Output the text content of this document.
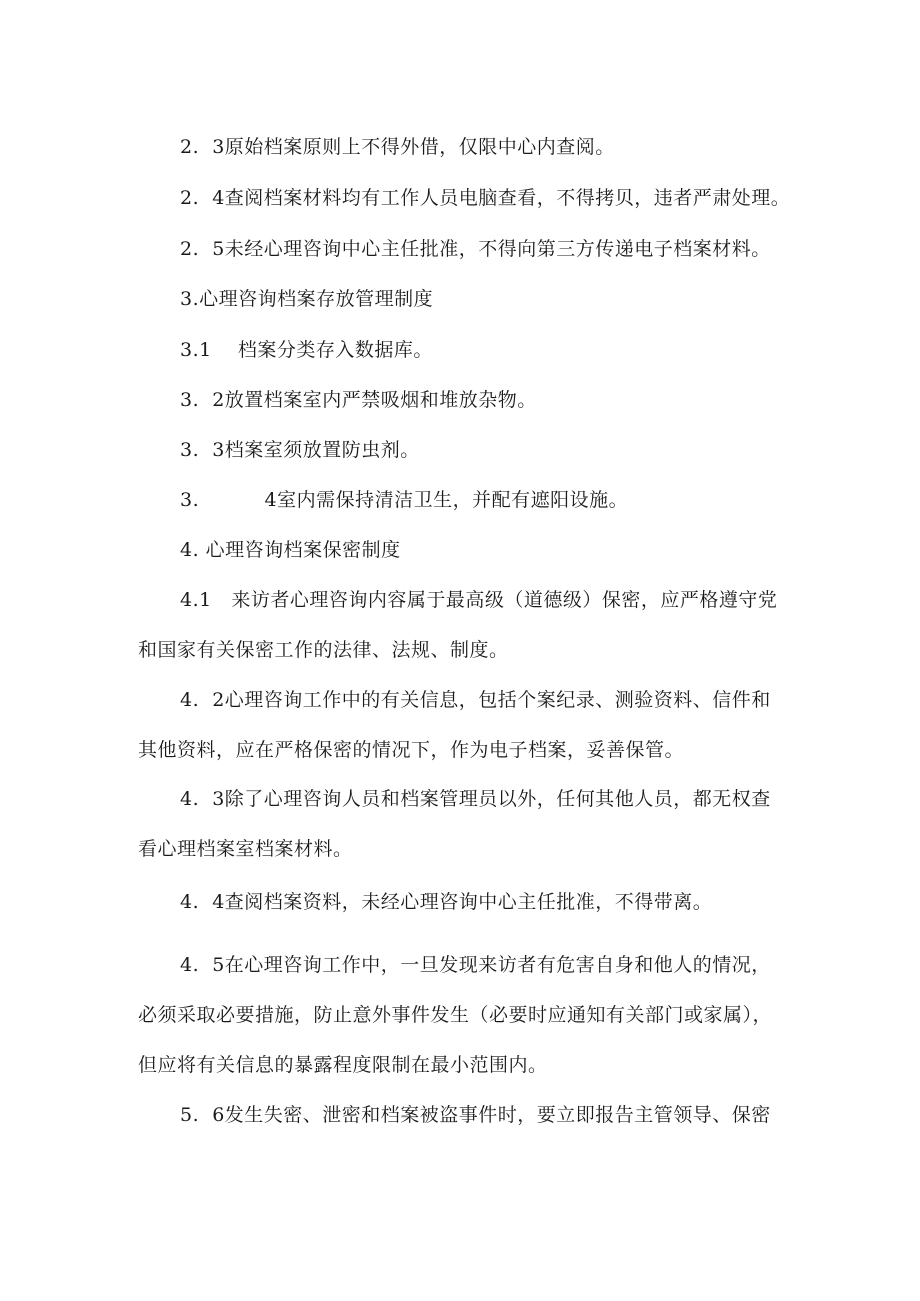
2.  3原始档案原则上不得外借，仅限中心内查阅。
2.  4查阅档案材料均有工作人员电脑查看，不得拷贝，违者严肃处理。
2.  5未经心理咨询中心主任批准，不得向第三方传递电子档案材料。
3.心理咨询档案存放管理制度
3.1    档案分类存入数据库。
3.  2放置档案室内严禁吸烟和堆放杂物。
3.  3档案室须放置防虫剂。
3.          4室内需保持清洁卫生，并配有遮阳设施。
4. 心理咨询档案保密制度
4.1   来访者心理咨询内容属于最高级（道德级）保密，应严格遵守党
和国家有关保密工作的法律、法规、制度。
4.  2心理咨询工作中的有关信息，包括个案纪录、测验资料、信件和
其他资料，应在严格保密的情况下，作为电子档案，妥善保管。
4.  3除了心理咨询人员和档案管理员以外，任何其他人员，都无权查
看心理档案室档案材料。
4.  4查阅档案资料，未经心理咨询中心主任批准，不得带离。
4.  5在心理咨询工作中，一旦发现来访者有危害自身和他人的情况，
必须采取必要措施，防止意外事件发生（必要时应通知有关部门或家属），
但应将有关信息的暴露程度限制在最小范围内。
5.  6发生失密、泄密和档案被盗事件时，要立即报告主管领导、保密
